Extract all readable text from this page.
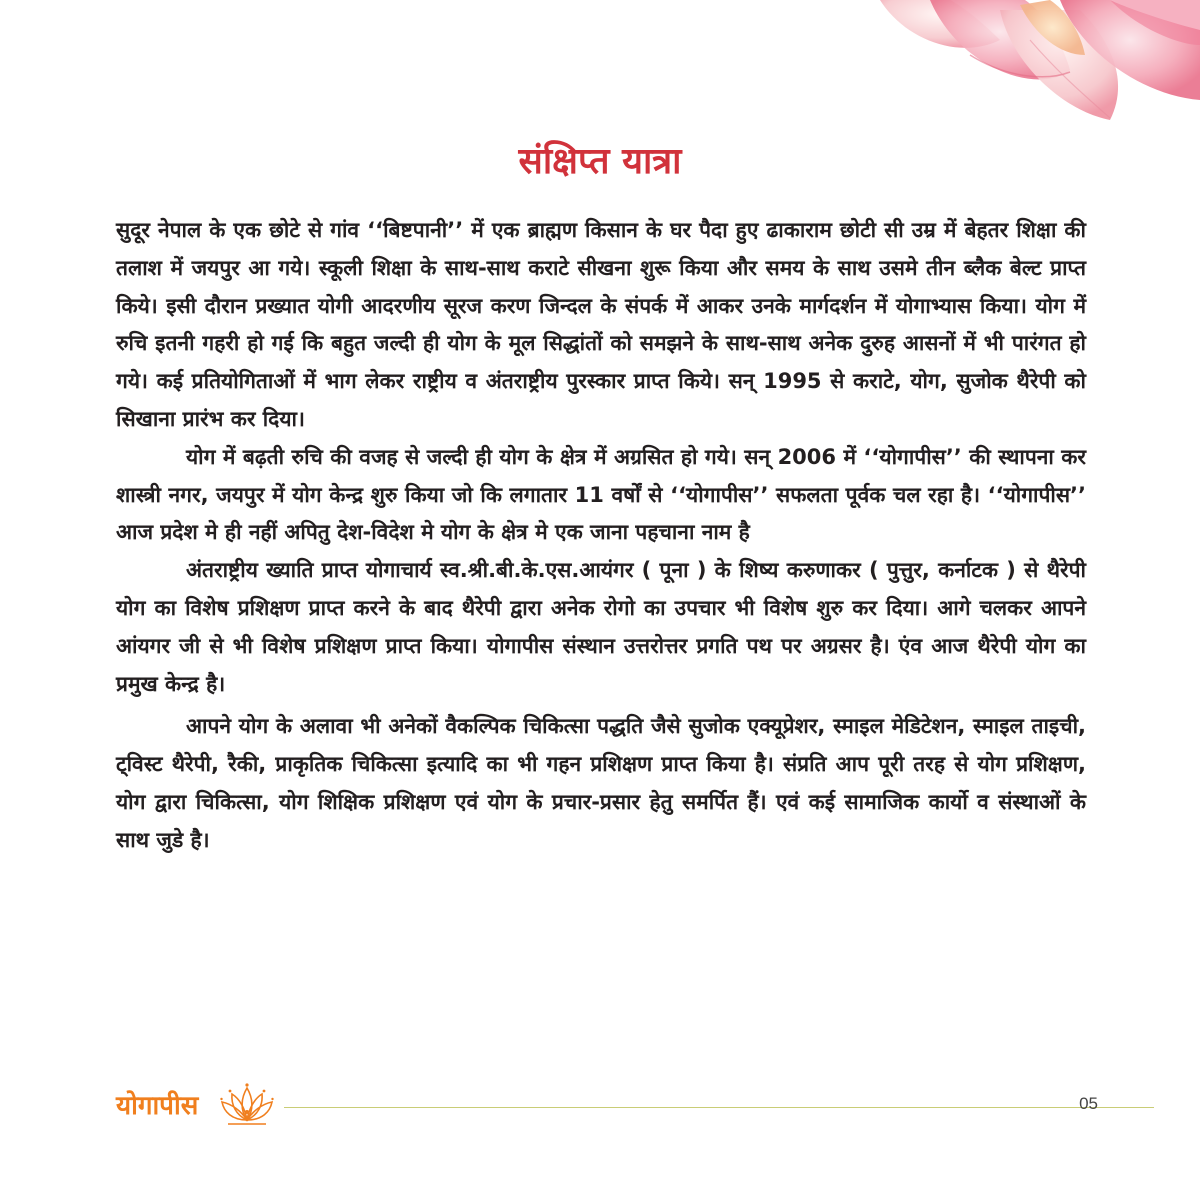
संक्षिप्त यात्रा

सुदूर नेपाल के एक छोटे से गांव ‘‘बिष्टपानी’’ में एक ब्राह्मण किसान के घर पैदा हुए ढाकाराम छोटी सी उम्र में बेहतर शिक्षा की तलाश में जयपुर आ गये। स्कूली शिक्षा के साथ-साथ कराटे सीखना शुरू किया और समय के साथ उसमे तीन ब्लैक बेल्ट प्राप्त किये। इसी दौरान प्रख्यात योगी आदरणीय सूरज करण जिन्दल के संपर्क में आकर उनके मार्गदर्शन में योगाभ्यास किया। योग में रुचि इतनी गहरी हो गई कि बहुत जल्दी ही योग के मूल सिद्धांतों को समझने के साथ-साथ अनेक दुरुह आसनों में भी पारंगत हो गये। कई प्रतियोगिताओं में भाग लेकर राष्ट्रीय व अंतराष्ट्रीय पुरस्कार प्राप्त किये। सन् 1995 से कराटे, योग, सुजोक थैरेपी को सिखाना प्रारंभ कर दिया।

योग में बढ़ती रुचि की वजह से जल्दी ही योग के क्षेत्र में अग्रसित हो गये। सन् 2006 में ‘‘योगापीस’’ की स्थापना कर शास्त्री नगर, जयपुर में योग केन्द्र शुरु किया जो कि लगातार 11 वर्षों से ‘‘योगापीस’’ सफलता पूर्वक चल रहा है। ‘‘योगापीस’’ आज प्रदेश मे ही नहीं अपितु देश-विदेश मे योग के क्षेत्र मे एक जाना पहचाना नाम है

अंतराष्ट्रीय ख्याति प्राप्त योगाचार्य स्व.श्री.बी.के.एस.आयंगर ( पूना ) के शिष्य करुणाकर ( पुत्तुर, कर्नाटक ) से थैरेपी योग का विशेष प्रशिक्षण प्राप्त करने के बाद थैरेपी द्वारा अनेक रोगो का उपचार भी विशेष शुरु कर दिया। आगे चलकर आपने आंयगर जी से भी विशेष प्रशिक्षण प्राप्त किया। योगापीस संस्थान उत्तरोत्तर प्रगति पथ पर अग्रसर है। एंव आज थैरेपी योग का प्रमुख केन्द्र है।

आपने योग के अलावा भी अनेकों वैकल्पिक चिकित्सा पद्धति जैसे सुजोक एक्यूप्रेशर, स्माइल मेडिटेशन, स्माइल ताइची, ट्विस्ट थैरेपी, रैकी, प्राकृतिक चिकित्सा इत्यादि का भी गहन प्रशिक्षण प्राप्त किया है। संप्रति आप पूरी तरह से योग प्रशिक्षण, योग द्वारा चिकित्सा, योग शिक्षिक प्रशिक्षण एवं योग के प्रचार-प्रसार हेतु समर्पित हैं। एवं कई सामाजिक कार्यो व संस्थाओं के साथ जुडे है।

योगापीस	05
